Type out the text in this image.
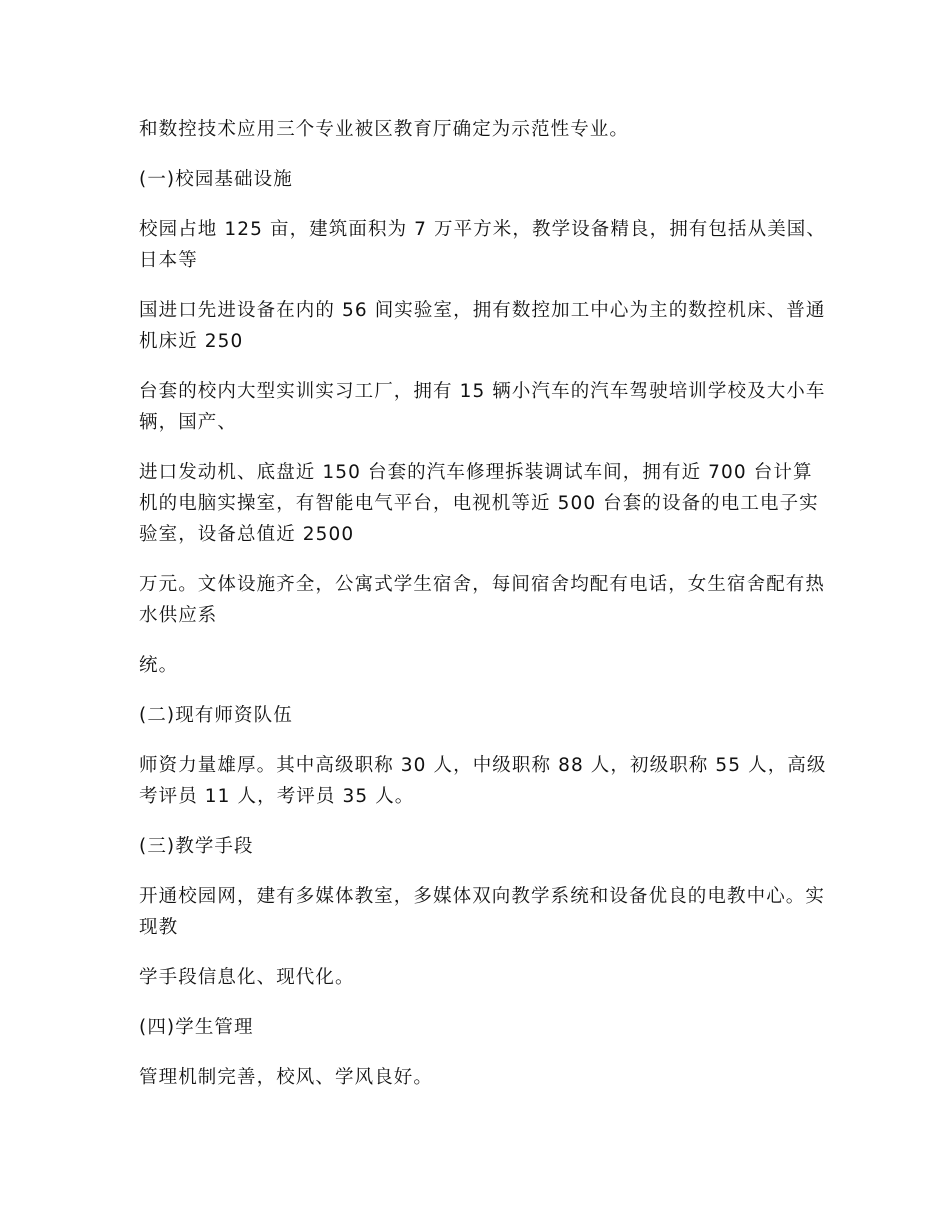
和数控技术应用三个专业被区教育厅确定为示范性专业。

(一)校园基础设施

校园占地 125 亩，建筑面积为 7 万平方米，教学设备精良，拥有包括从美国、日本等

国进口先进设备在内的 56 间实验室，拥有数控加工中心为主的数控机床、普通机床近 250

台套的校内大型实训实习工厂，拥有 15 辆小汽车的汽车驾驶培训学校及大小车辆，国产、

进口发动机、底盘近 150 台套的汽车修理拆装调试车间，拥有近 700 台计算机的电脑实操室，有智能电气平台，电视机等近 500 台套的设备的电工电子实验室，设备总值近 2500

万元。文体设施齐全，公寓式学生宿舍，每间宿舍均配有电话，女生宿舍配有热水供应系

统。

(二)现有师资队伍

师资力量雄厚。其中高级职称 30 人，中级职称 88 人，初级职称 55 人，高级考评员 11 人，考评员 35 人。

(三)教学手段

开通校园网，建有多媒体教室，多媒体双向教学系统和设备优良的电教中心。实现教

学手段信息化、现代化。

(四)学生管理

管理机制完善，校风、学风良好。
